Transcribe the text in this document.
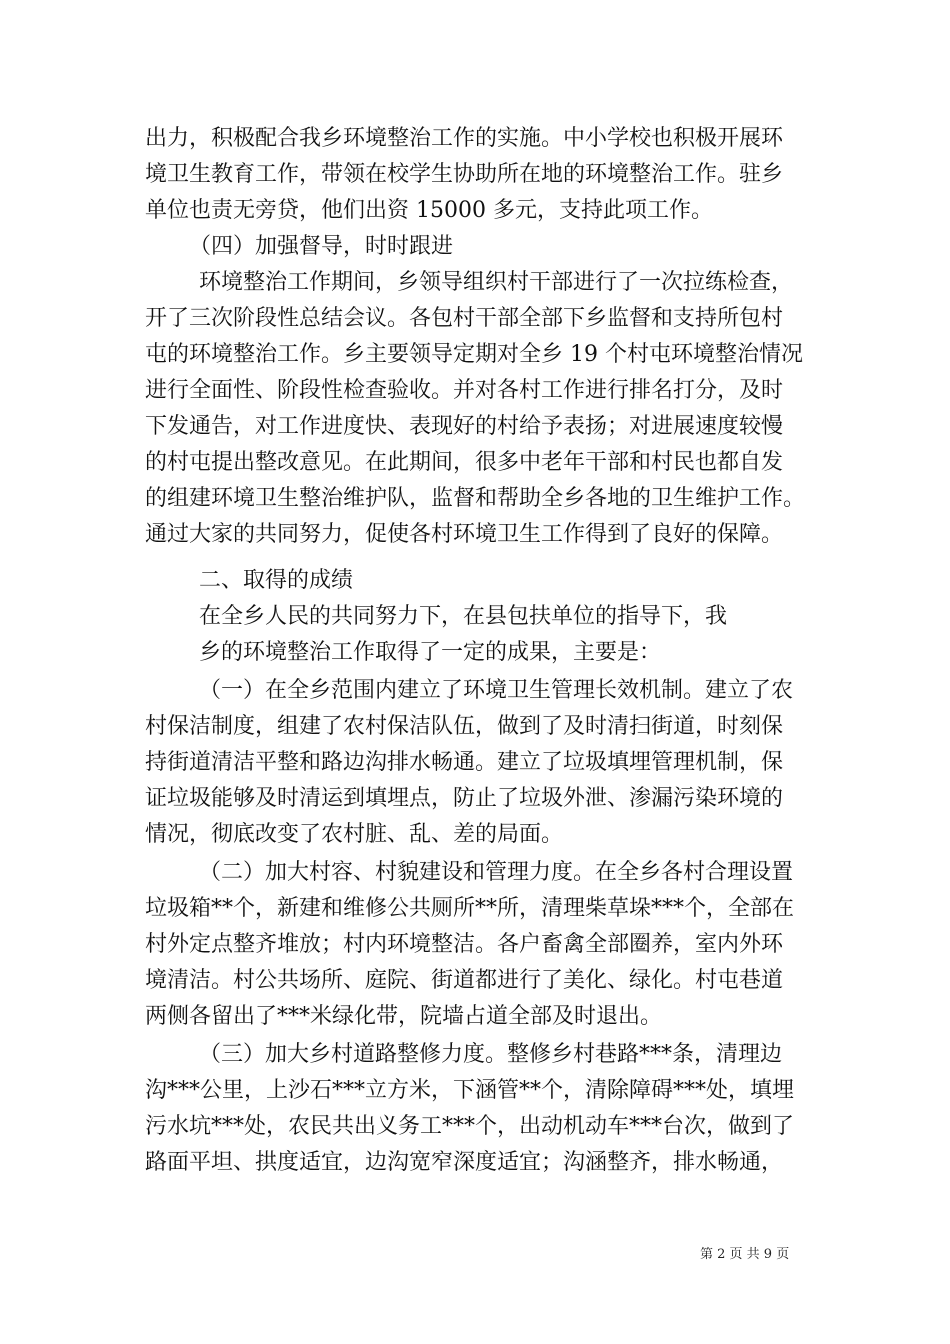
出力，积极配合我乡环境整治工作的实施。中小学校也积极开展环
境卫生教育工作，带领在校学生协助所在地的环境整治工作。驻乡
单位也责无旁贷，他们出资 15000 多元，支持此项工作。
（四）加强督导，时时跟进
环境整治工作期间，乡领导组织村干部进行了一次拉练检查，
开了三次阶段性总结会议。各包村干部全部下乡监督和支持所包村
屯的环境整治工作。乡主要领导定期对全乡 19 个村屯环境整治情况
进行全面性、阶段性检查验收。并对各村工作进行排名打分，及时
下发通告，对工作进度快、表现好的村给予表扬；对进展速度较慢
的村屯提出整改意见。在此期间，很多中老年干部和村民也都自发
的组建环境卫生整治维护队，监督和帮助全乡各地的卫生维护工作。
通过大家的共同努力，促使各村环境卫生工作得到了良好的保障。
二、取得的成绩
在全乡人民的共同努力下，在县包扶单位的指导下，我
乡的环境整治工作取得了一定的成果，主要是：
（一）在全乡范围内建立了环境卫生管理长效机制。建立了农
村保洁制度，组建了农村保洁队伍，做到了及时清扫街道，时刻保
持街道清洁平整和路边沟排水畅通。建立了垃圾填埋管理机制，保
证垃圾能够及时清运到填埋点，防止了垃圾外泄、渗漏污染环境的
情况，彻底改变了农村脏、乱、差的局面。
（二）加大村容、村貌建设和管理力度。在全乡各村合理设置
垃圾箱**个，新建和维修公共厕所**所，清理柴草垛***个，全部在
村外定点整齐堆放；村内环境整洁。各户畜禽全部圈养，室内外环
境清洁。村公共场所、庭院、街道都进行了美化、绿化。村屯巷道
两侧各留出了***米绿化带，院墙占道全部及时退出。
（三）加大乡村道路整修力度。整修乡村巷路***条，清理边
沟***公里，上沙石***立方米，下涵管**个，清除障碍***处，填埋
污水坑***处，农民共出义务工***个，出动机动车***台次，做到了
路面平坦、拱度适宜，边沟宽窄深度适宜；沟涵整齐，排水畅通，
第 2 页 共 9 页
